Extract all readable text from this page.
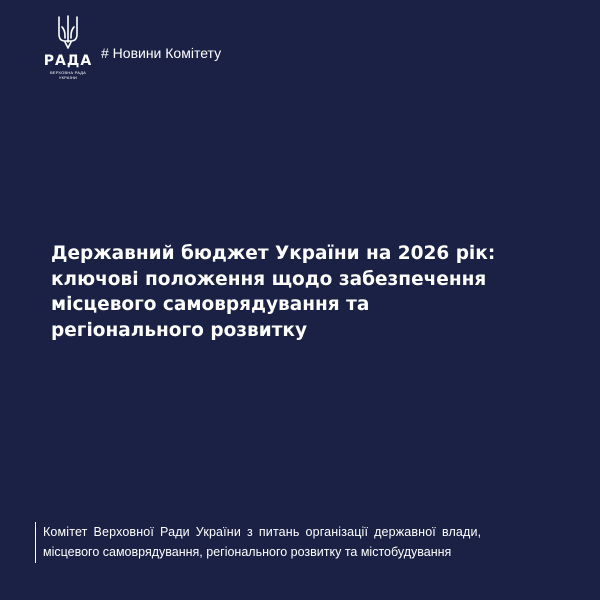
РАДА
ВЕРХОВНА РАДА
УКРАЇНИ
# Новини Комітету
Державний бюджет України на 2026 рік:
ключові положення щодо забезпечення
місцевого самоврядування та
регіонального розвитку

Комітет Верховної Ради України з питань організації державної влади,

місцевого самоврядування, регіонального розвитку та містобудування
